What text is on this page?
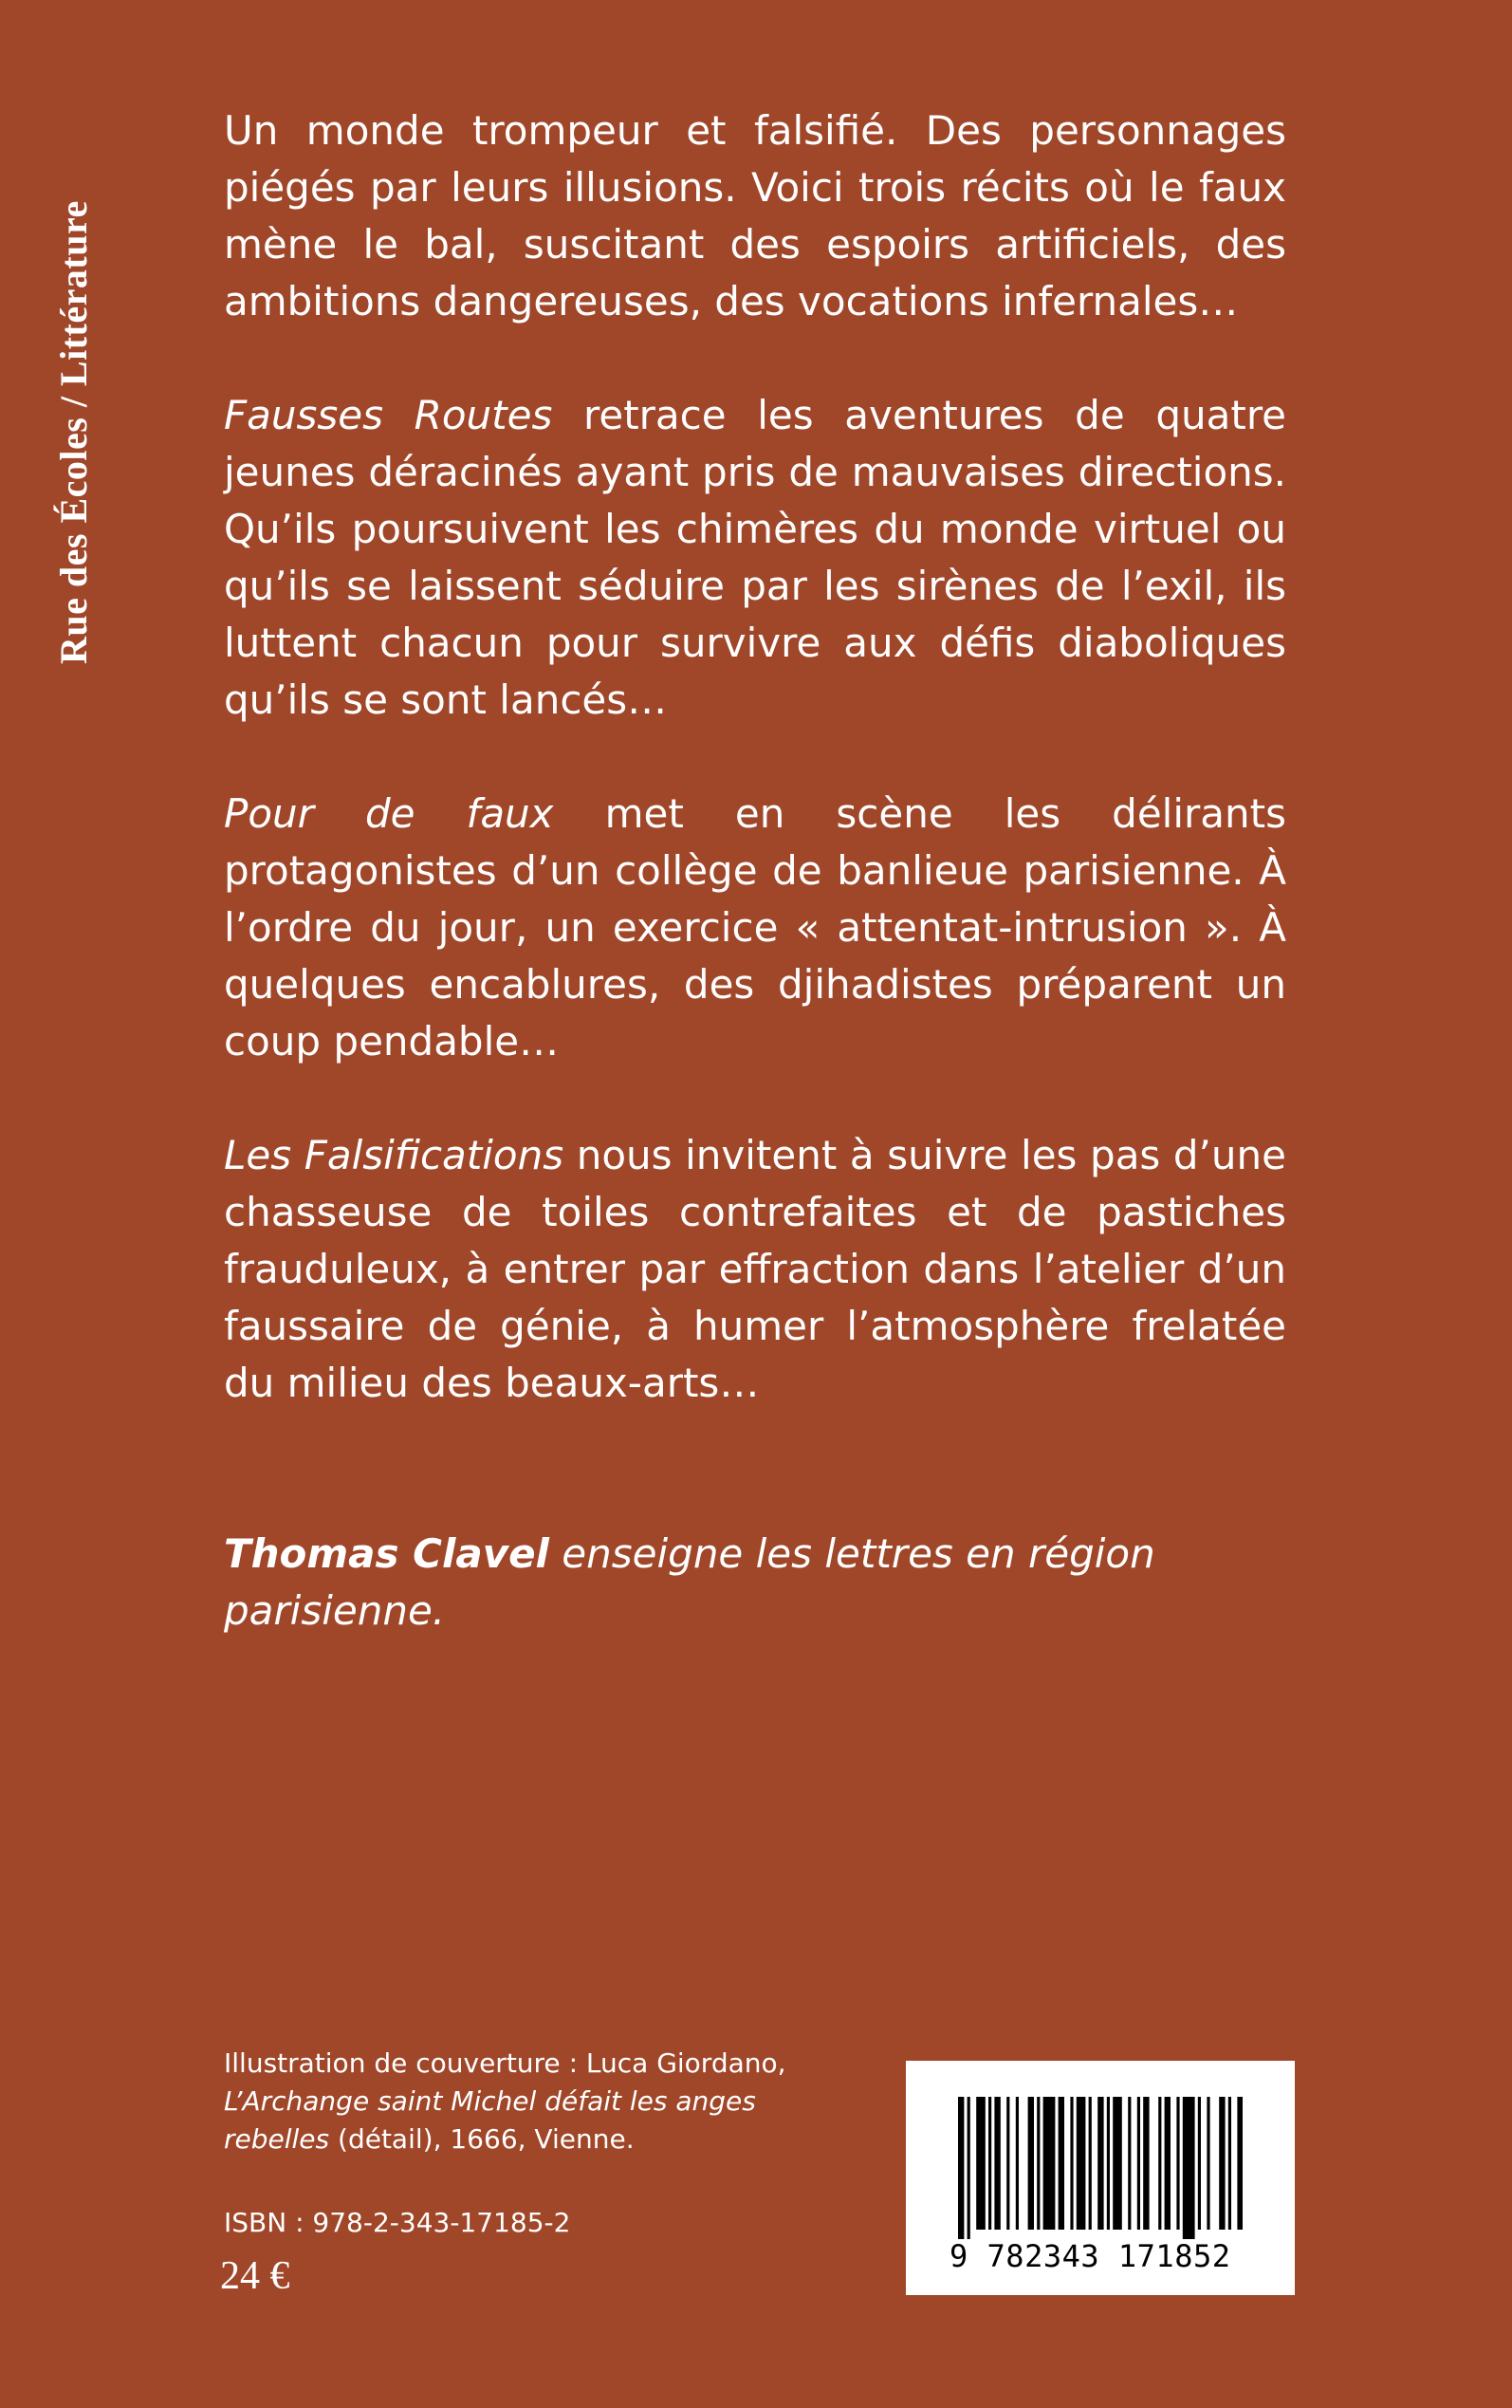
Rue des Écoles / Littérature

Un monde trompeur et falsifié. Des personnages piégés par leurs illusions. Voici trois récits où le faux mène le bal, suscitant des espoirs artificiels, des ambitions dangereuses, des vocations infernales…

Fausses Routes retrace les aventures de quatre jeunes déracinés ayant pris de mauvaises directions. Qu’ils poursuivent les chimères du monde virtuel ou qu’ils se laissent séduire par les sirènes de l’exil, ils luttent chacun pour survivre aux défis diaboliques qu’ils se sont lancés…

Pour de faux met en scène les délirants protagonistes d’un collège de banlieue parisienne. À l’ordre du jour, un exercice « attentat-intrusion ». À quelques encablures, des djihadistes préparent un coup pendable…

Les Falsifications nous invitent à suivre les pas d’une chasseuse de toiles contrefaites et de pastiches frauduleux, à entrer par effraction dans l’atelier d’un faussaire de génie, à humer l’atmosphère frelatée du milieu des beaux-arts…

Thomas Clavel enseigne les lettres en région parisienne.

Illustration de couverture : Luca Giordano, L’Archange saint Michel défait les anges rebelles (détail), 1666, Vienne.
ISBN : 978-2-343-17185-2
24 €	9 782343 171852
